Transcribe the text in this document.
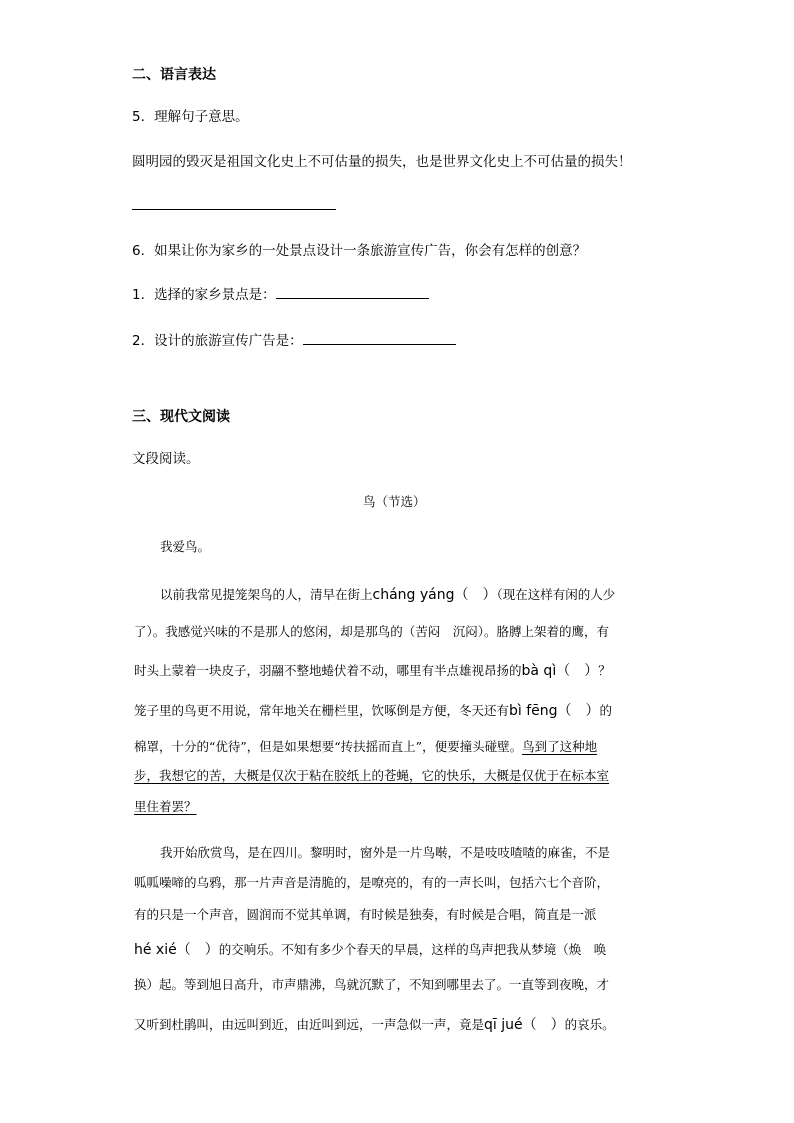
二、语言表达
5．理解句子意思。
圆明园的毁灭是祖国文化史上不可估量的损失，也是世界文化史上不可估量的损失！
6．如果让你为家乡的一处景点设计一条旅游宣传广告，你会有怎样的创意？
1．选择的家乡景点是：
2．设计的旅游宣传广告是：
三、现代文阅读
文段阅读。
鸟（节选）
我爱鸟。
以前我常见提笼架鸟的人，清早在街上cháng yáng（　）（现在这样有闲的人少
了）。我感觉兴味的不是那人的悠闲，却是那鸟的（苦闷　沉闷）。胳膊上架着的鹰，有
时头上蒙着一块皮子，羽翮不整地蜷伏着不动，哪里有半点雄视昂扬的bà qì（　）？
笼子里的鸟更不用说，常年地关在栅栏里，饮啄倒是方便，冬天还有bì fēng（　）的
棉罩，十分的“优待”，但是如果想要“抟扶摇而直上”，便要撞头碰壁。鸟到了这种地
步，我想它的苦，大概是仅次于粘在胶纸上的苍蝇，它的快乐，大概是仅优于在标本室
里住着罢？
我开始欣赏鸟，是在四川。黎明时，窗外是一片鸟啭，不是吱吱喳喳的麻雀，不是
呱呱噪啼的乌鸦，那一片声音是清脆的，是嘹亮的，有的一声长叫，包括六七个音阶，
有的只是一个声音，圆润而不觉其单调，有时候是独奏，有时候是合唱，简直是一派
hé xié（　）的交响乐。不知有多少个春天的早晨，这样的鸟声把我从梦境（焕　唤
换）起。等到旭日高升，市声鼎沸，鸟就沉默了，不知到哪里去了。一直等到夜晚，才
又听到杜鹃叫，由远叫到近，由近叫到远，一声急似一声，竟是qī jué（　）的哀乐。
